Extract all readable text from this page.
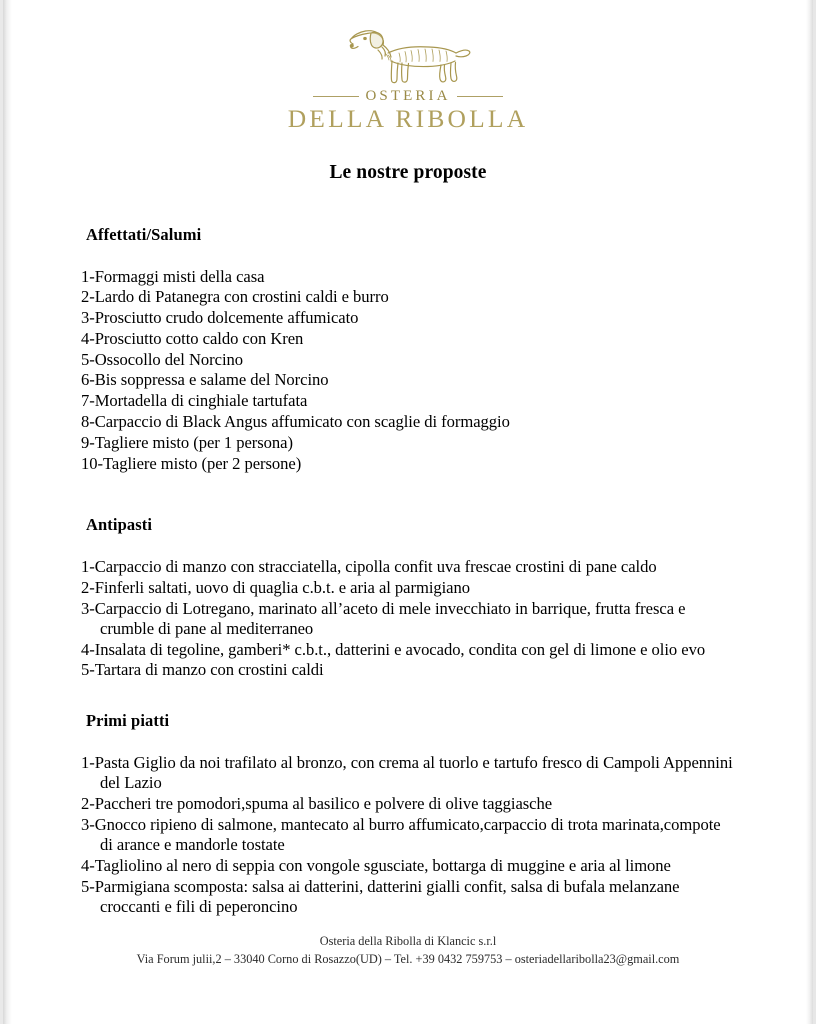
OSTERIA
DELLA RIBOLLA
Le nostre proposte
Affettati/Salumi
1-Formaggi misti della casa
2-Lardo di Patanegra con crostini caldi e burro
3-Prosciutto crudo dolcemente affumicato
4-Prosciutto cotto caldo con Kren
5-Ossocollo del Norcino
6-Bis soppressa e salame del Norcino
7-Mortadella di cinghiale tartufata
8-Carpaccio di Black Angus affumicato con scaglie di formaggio
9-Tagliere misto (per 1 persona)
10-Tagliere misto (per 2 persone)
Antipasti
1-Carpaccio di manzo con stracciatella, cipolla confit uva frescae crostini di pane caldo
2-Finferli saltati, uovo di quaglia c.b.t. e aria al parmigiano
3-Carpaccio di Lotregano, marinato all’aceto di mele invecchiato in barrique, frutta fresca e crumble di pane al mediterraneo
4-Insalata di tegoline, gamberi* c.b.t., datterini e avocado, condita con gel di limone e olio evo
5-Tartara di manzo con crostini caldi
Primi piatti
1-Pasta Giglio da noi trafilato al bronzo, con crema al tuorlo e tartufo fresco di Campoli Appennini del Lazio
2-Paccheri tre pomodori,spuma al basilico e polvere di olive taggiasche
3-Gnocco ripieno di salmone, mantecato al burro affumicato,carpaccio di trota marinata,compote di arance e mandorle tostate
4-Tagliolino al nero di seppia con vongole sgusciate, bottarga di muggine e aria al limone
5-Parmigiana scomposta: salsa ai datterini, datterini gialli confit, salsa di bufala melanzane croccanti e fili di peperoncino
Osteria della Ribolla di Klancic s.r.l
Via Forum julii,2 – 33040 Corno di Rosazzo(UD) – Tel. +39 0432 759753 – osteriadellaribolla23@gmail.com
